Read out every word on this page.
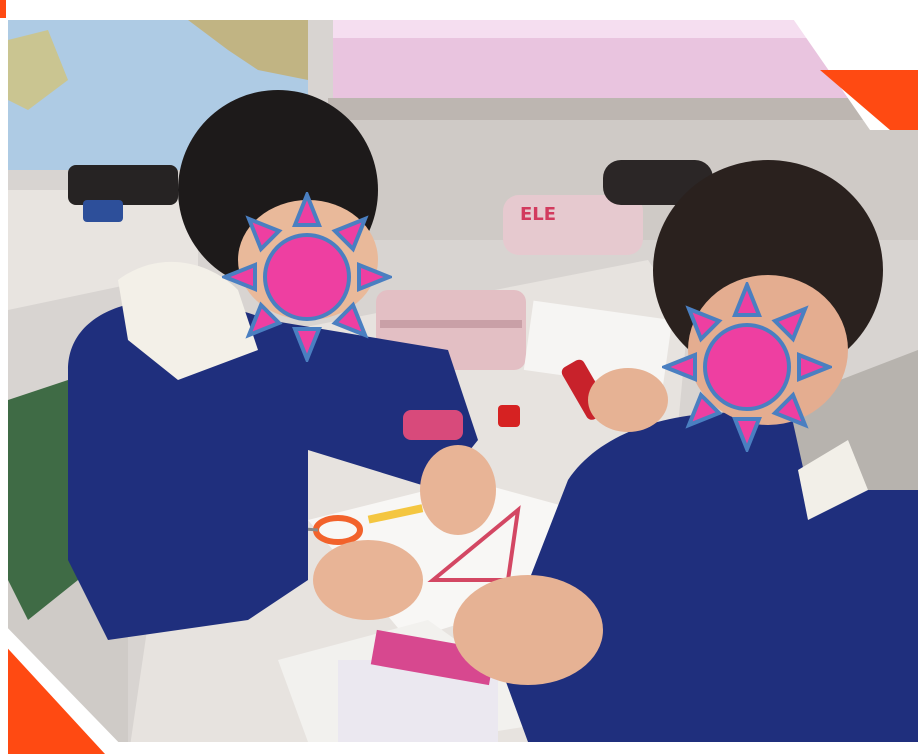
ELE
